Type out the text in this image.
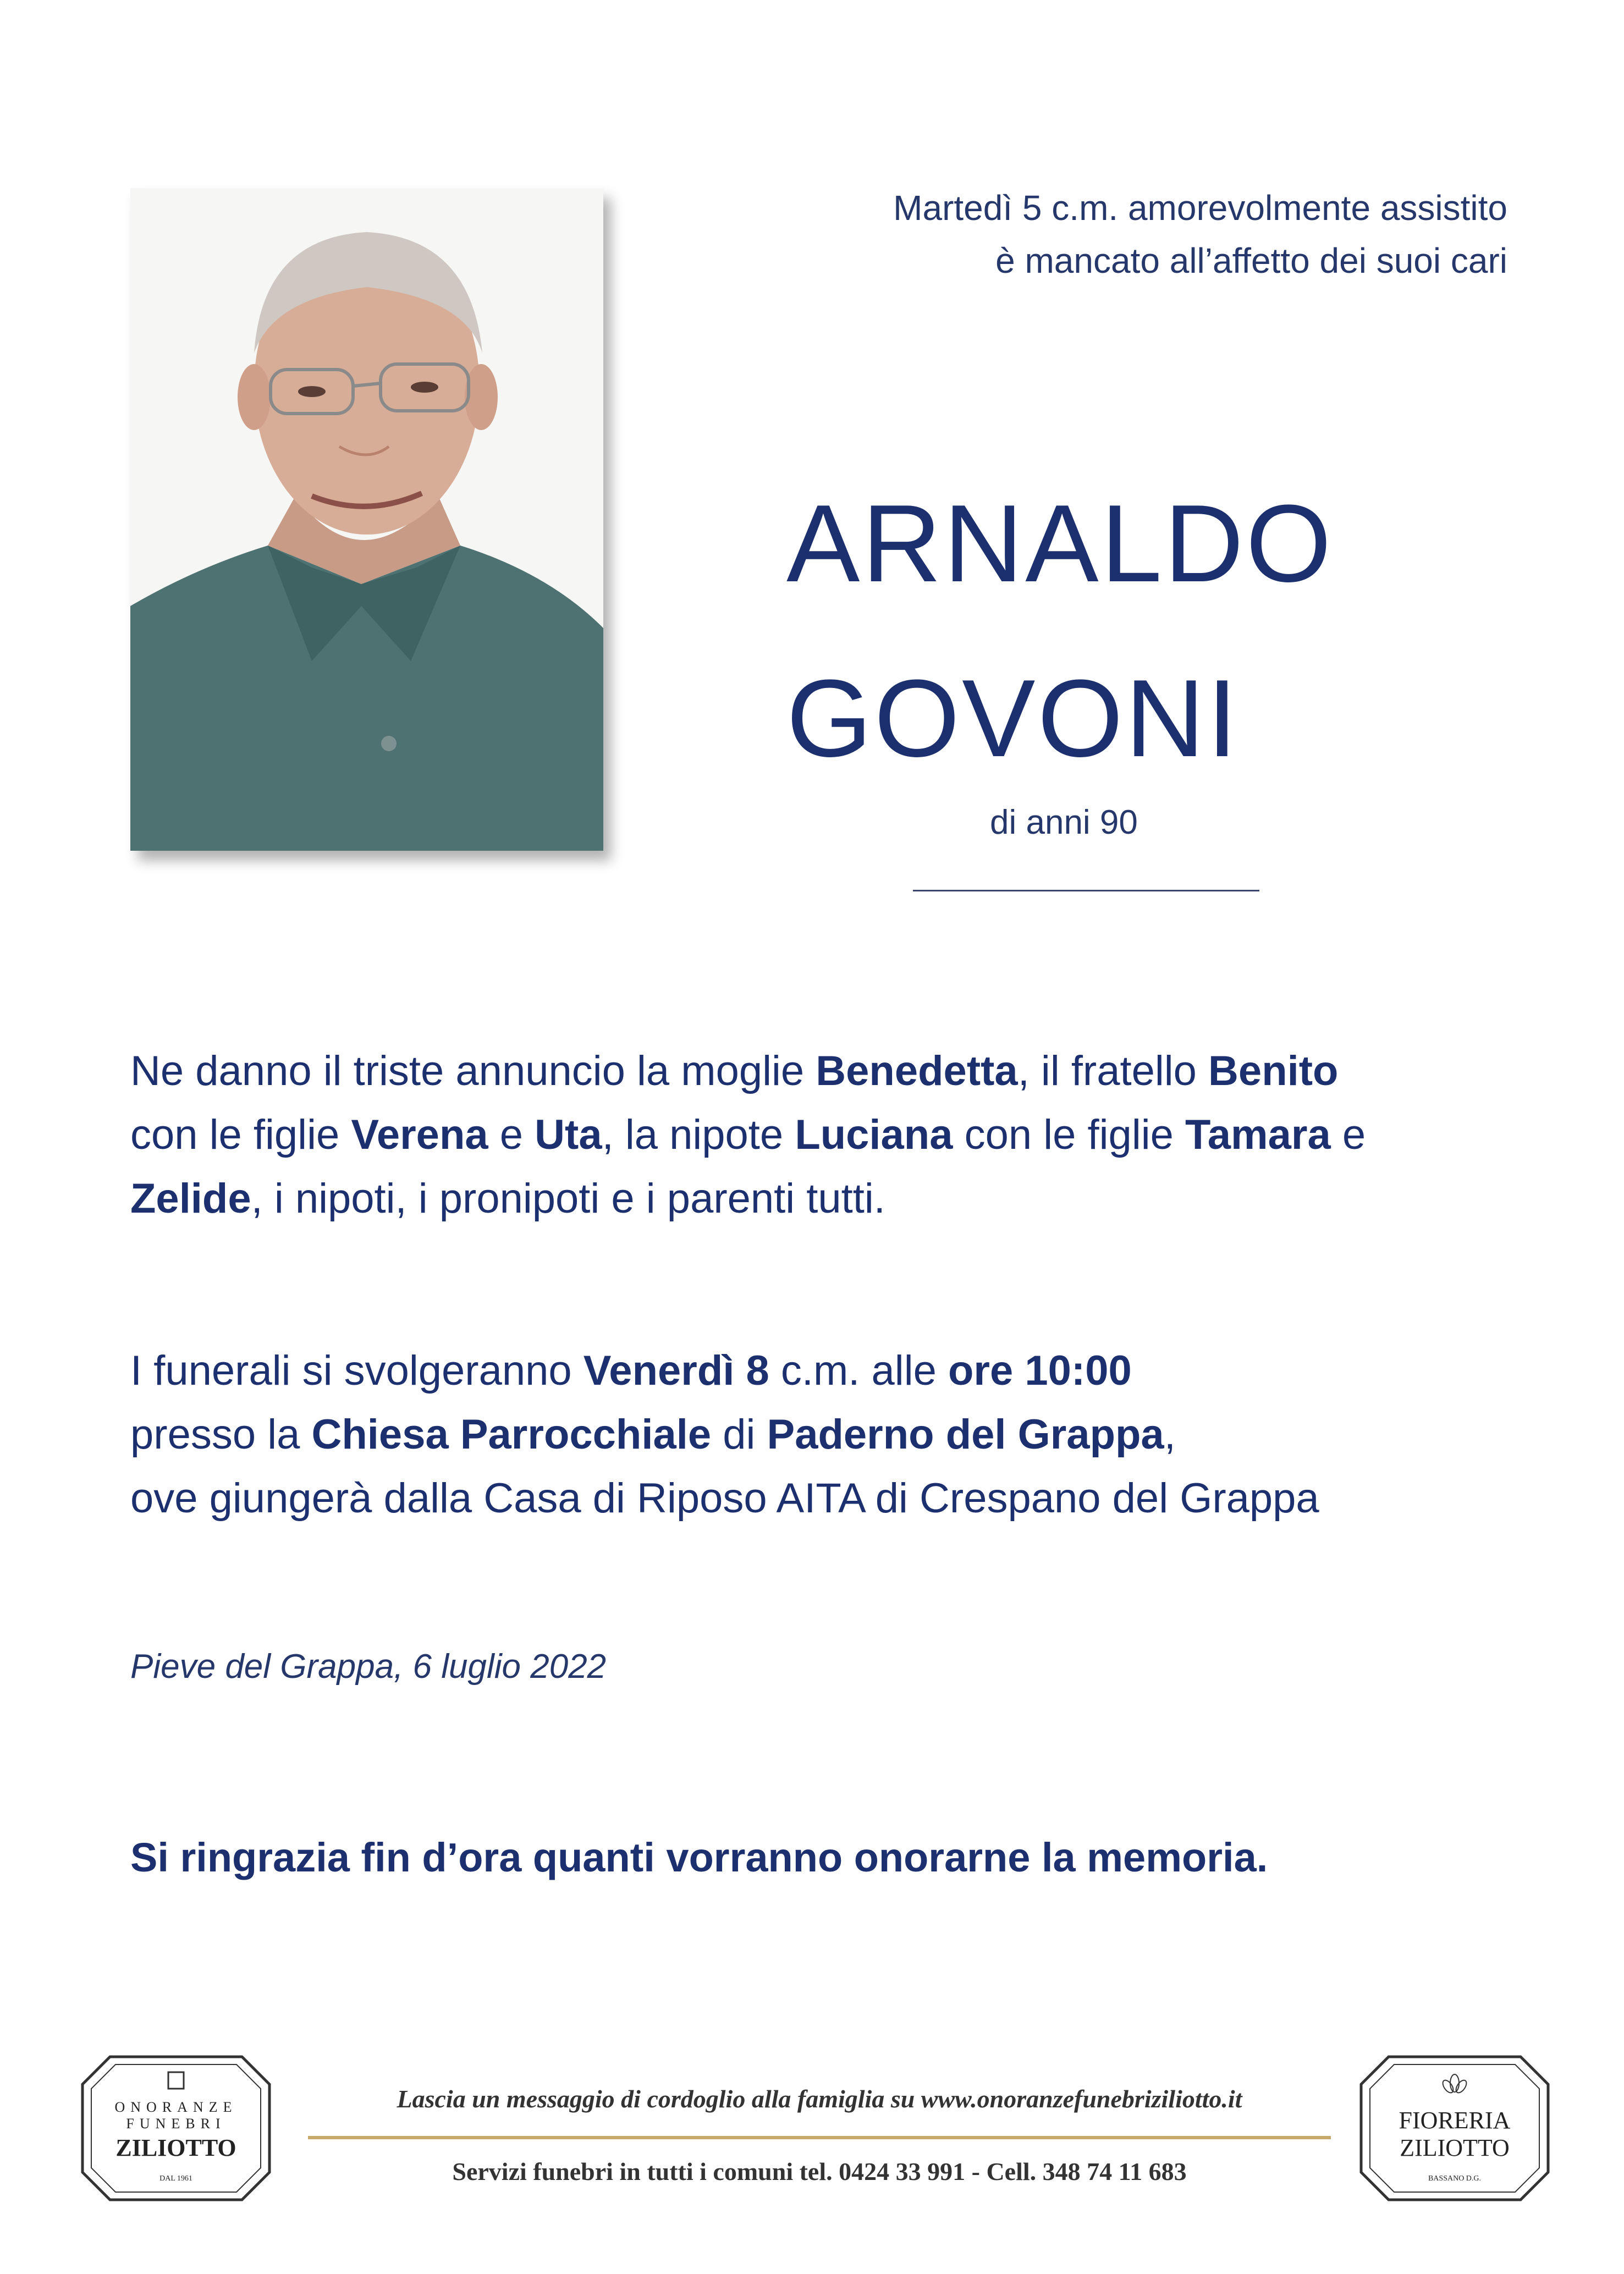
Martedì 5 c.m. amorevolmente assistito
è mancato all’affetto dei suoi cari
ARNALDO
GOVONI
di anni 90
Ne danno il triste annuncio la moglie Benedetta, il fratello Benito
con le figlie Verena e Uta, la nipote Luciana con le figlie Tamara e
Zelide, i nipoti, i pronipoti e i parenti tutti.
I funerali si svolgeranno Venerdì 8 c.m. alle ore 10:00
presso la Chiesa Parrocchiale di Paderno del Grappa,
ove giungerà dalla Casa di Riposo AITA di Crespano del Grappa
Pieve del Grappa, 6 luglio 2022
Si ringrazia fin d’ora quanti vorranno onorarne la memoria.
ONORANZE
FUNEBRI
ZILIOTTO
DAL 1961
Lascia un messaggio di cordoglio alla famiglia su www.onoranzefunebriziliotto.it
Servizi funebri in tutti i comuni tel. 0424 33 991 - Cell. 348 74 11 683
FIORERIA
ZILIOTTO
BASSANO D.G.
